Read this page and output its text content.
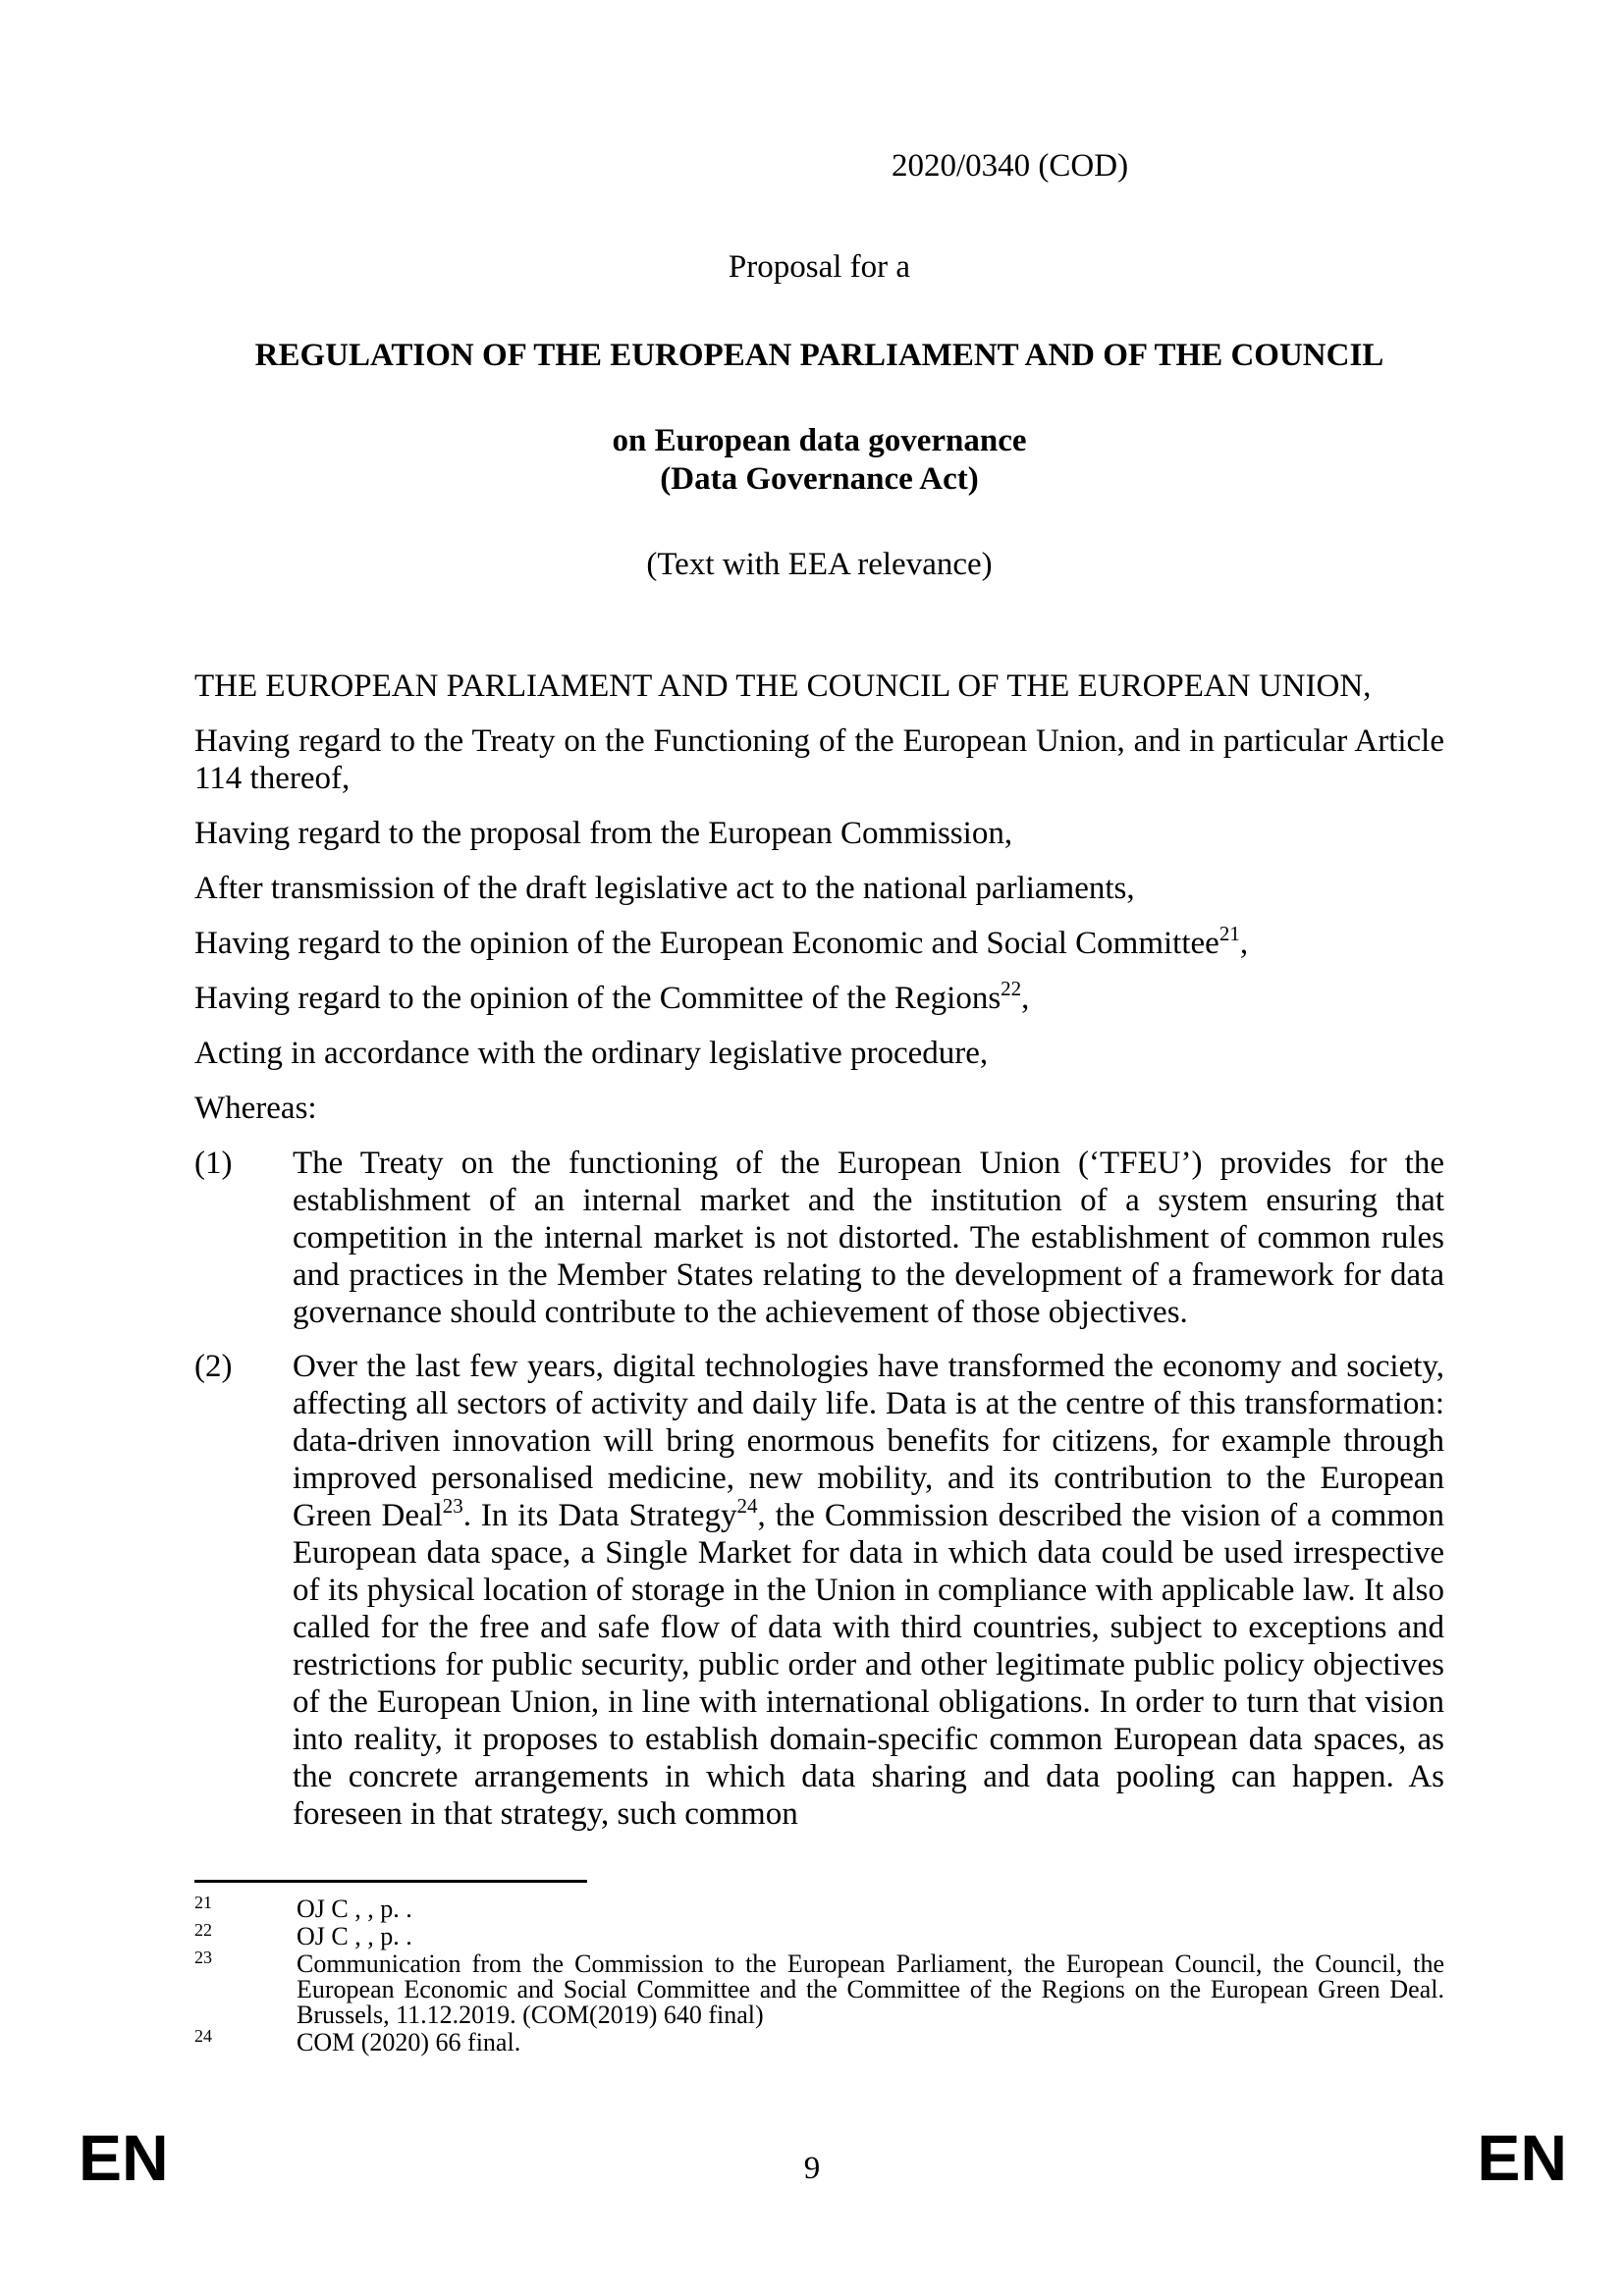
2020/0340 (COD)
Proposal for a
REGULATION OF THE EUROPEAN PARLIAMENT AND OF THE COUNCIL
on European data governance
(Data Governance Act)
(Text with EEA relevance)
THE EUROPEAN PARLIAMENT AND THE COUNCIL OF THE EUROPEAN UNION,

Having regard to the Treaty on the Functioning of the European Union, and in particular Article 114 thereof,

Having regard to the proposal from the European Commission,

After transmission of the draft legislative act to the national parliaments,

Having regard to the opinion of the European Economic and Social Committee$^{21}$,

Having regard to the opinion of the Committee of the Regions$^{22}$,

Acting in accordance with the ordinary legislative procedure,

Whereas:

(1) The Treaty on the functioning of the European Union (‘TFEU’) provides for the establishment of an internal market and the institution of a system ensuring that competition in the internal market is not distorted. The establishment of common rules and practices in the Member States relating to the development of a framework for data governance should contribute to the achievement of those objectives.
(2) Over the last few years, digital technologies have transformed the economy and society, affecting all sectors of activity and daily life. Data is at the centre of this transformation: data-driven innovation will bring enormous benefits for citizens, for example through improved personalised medicine, new mobility, and its contribution to the European Green Deal$^{23}$. In its Data Strategy$^{24}$, the Commission described the vision of a common European data space, a Single Market for data in which data could be used irrespective of its physical location of storage in the Union in compliance with applicable law. It also called for the free and safe flow of data with third countries, subject to exceptions and restrictions for public security, public order and other legitimate public policy objectives of the European Union, in line with international obligations. In order to turn that vision into reality, it proposes to establish domain-specific common European data spaces, as the concrete arrangements in which data sharing and data pooling can happen. As foreseen in that strategy, such common
21	OJ C , , p. .
22	OJ C , , p. .
23	Communication from the Commission to the European Parliament, the European Council, the Council, the European Economic and Social Committee and the Committee of the Regions on the European Green Deal. Brussels, 11.12.2019. (COM(2019) 640 final)
24	COM (2020) 66 final.
EN	9	EN
